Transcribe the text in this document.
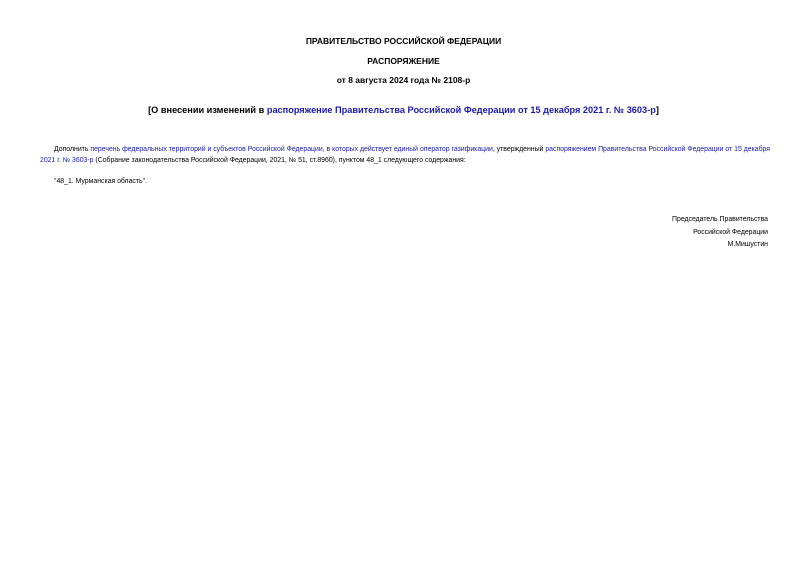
ПРАВИТЕЛЬСТВО РОССИЙСКОЙ ФЕДЕРАЦИИ
РАСПОРЯЖЕНИЕ
от 8 августа 2024 года № 2108-р
[О внесении изменений в распоряжение Правительства Российской Федерации от 15 декабря 2021 г. № 3603-р]
Дополнить перечень федеральных территорий и субъектов Российской Федерации, в которых действует единый оператор газификации, утвержденный распоряжением Правительства Российской Федерации от 15 декабря 2021 г. № 3603-р (Собрание законодательства Российской Федерации, 2021, № 51, ст.8960), пунктом 48_1 следующего содержания:
"48_1. Мурманская область".
Председатель Правительства
Российской Федерации
М.Мишустин
